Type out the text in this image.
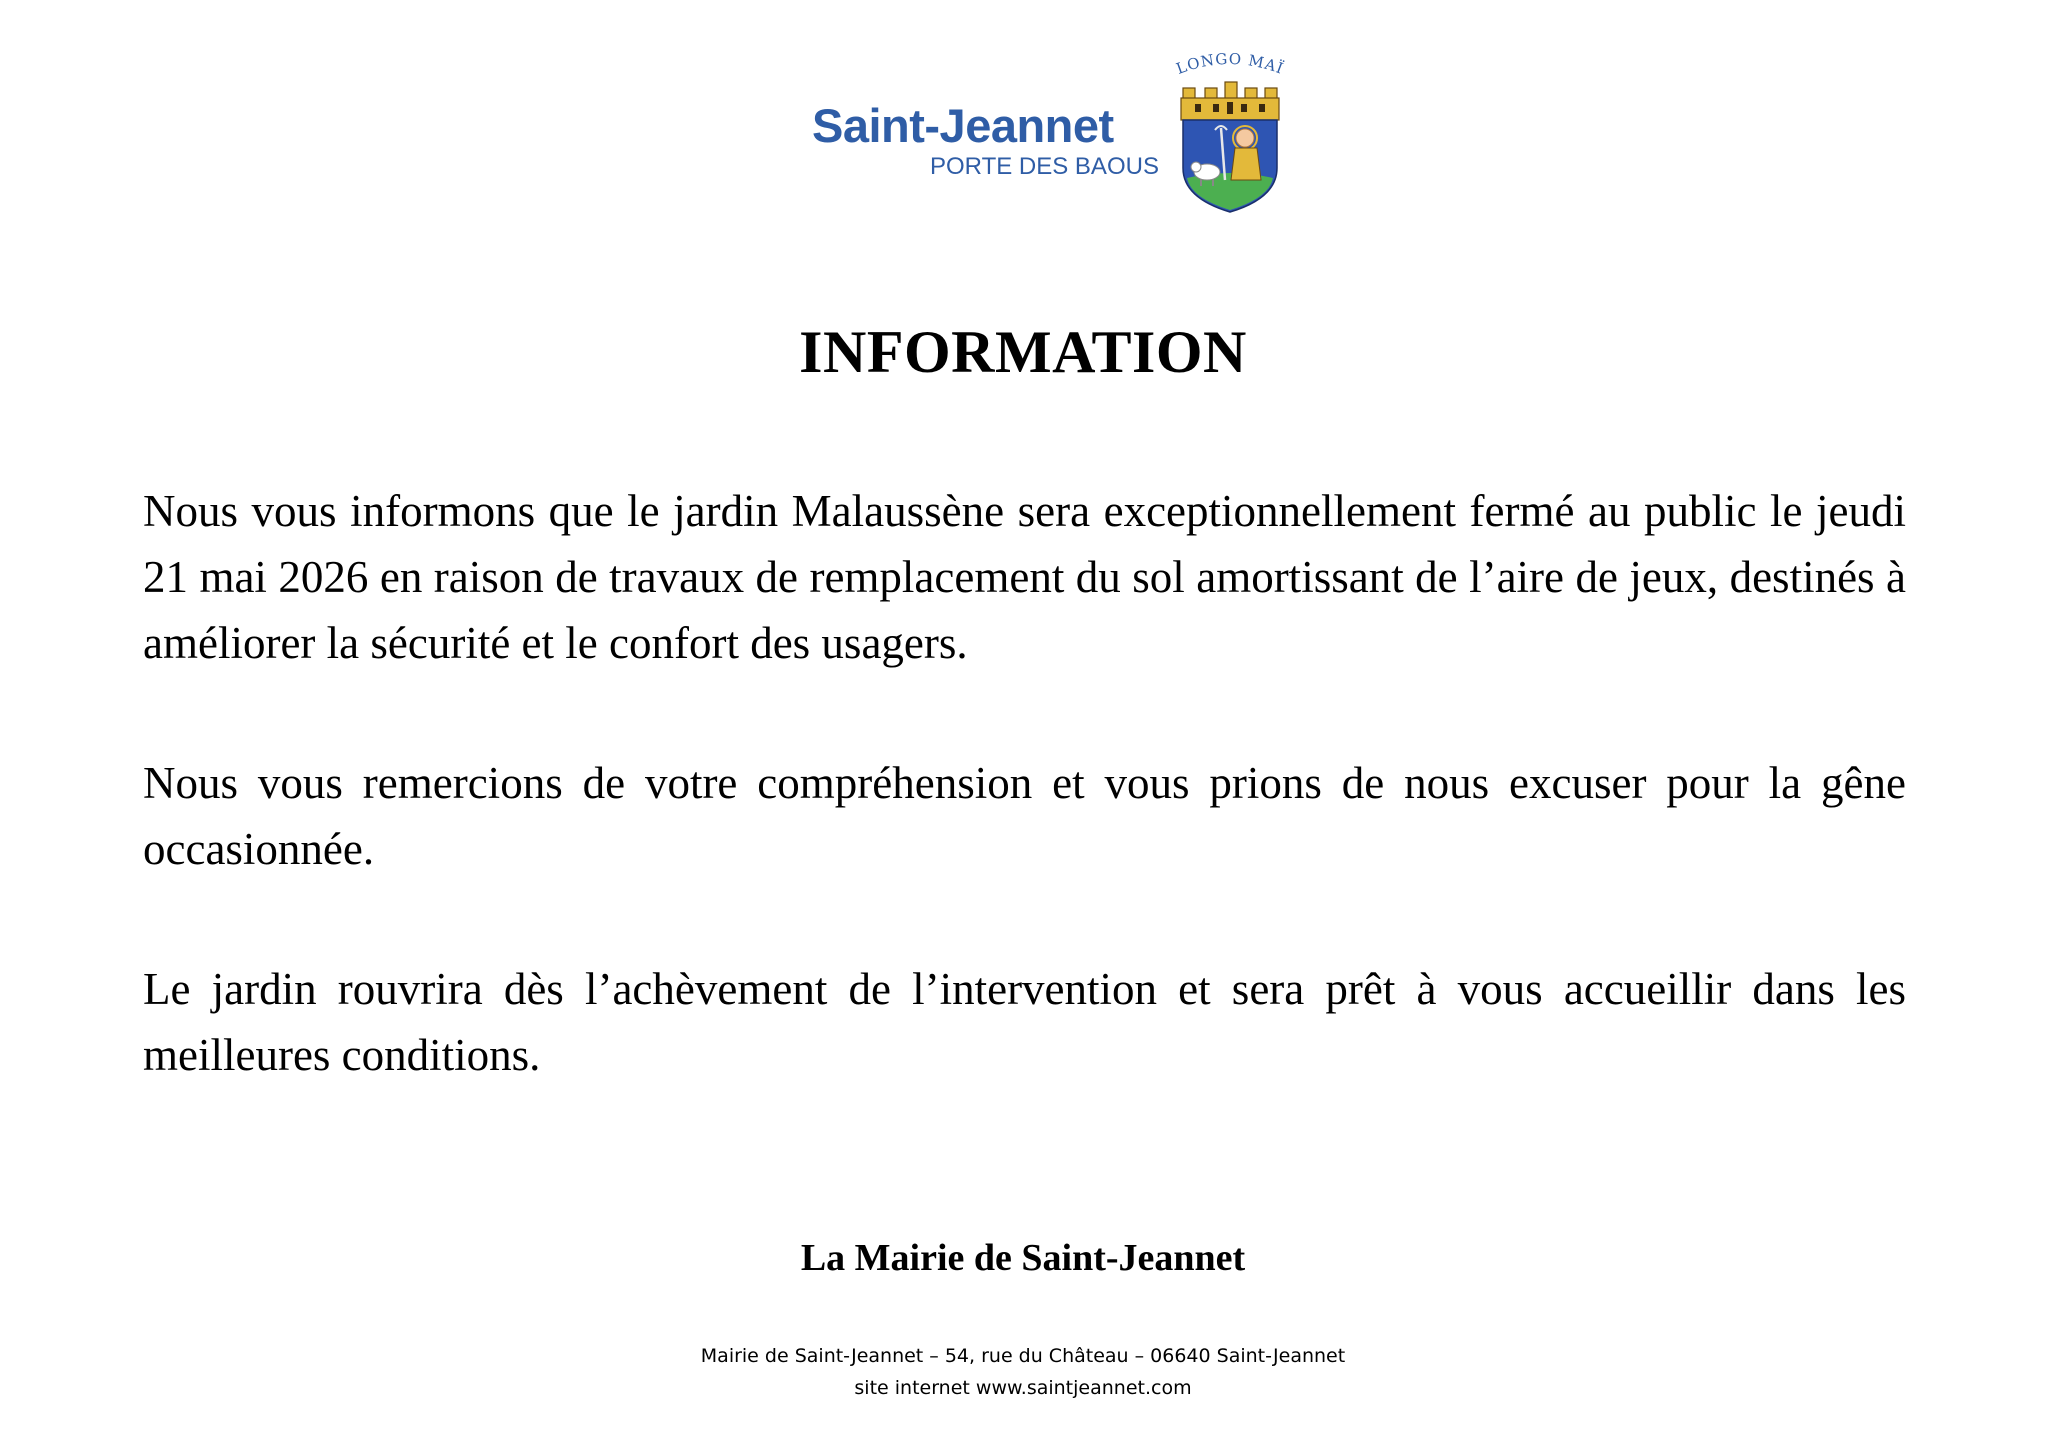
Saint-Jeannet
PORTE DES BAOUS
LONGO MAÏ
INFORMATION

Nous vous informons que le jardin Malaussène sera exceptionnellement fermé au public le jeudi 21 mai 2026 en raison de travaux de remplacement du sol amortissant de l’aire de jeux, destinés à améliorer la sécurité et le confort des usagers.

Nous vous remercions de votre compréhension et vous prions de nous excuser pour la gêne occasionnée.

Le jardin rouvrira dès l’achèvement de l’intervention et sera prêt à vous accueillir dans les meilleures conditions.

La Mairie de Saint-Jeannet
Mairie de Saint-Jeannet – 54, rue du Château – 06640 Saint-Jeannet
site internet www.saintjeannet.com
